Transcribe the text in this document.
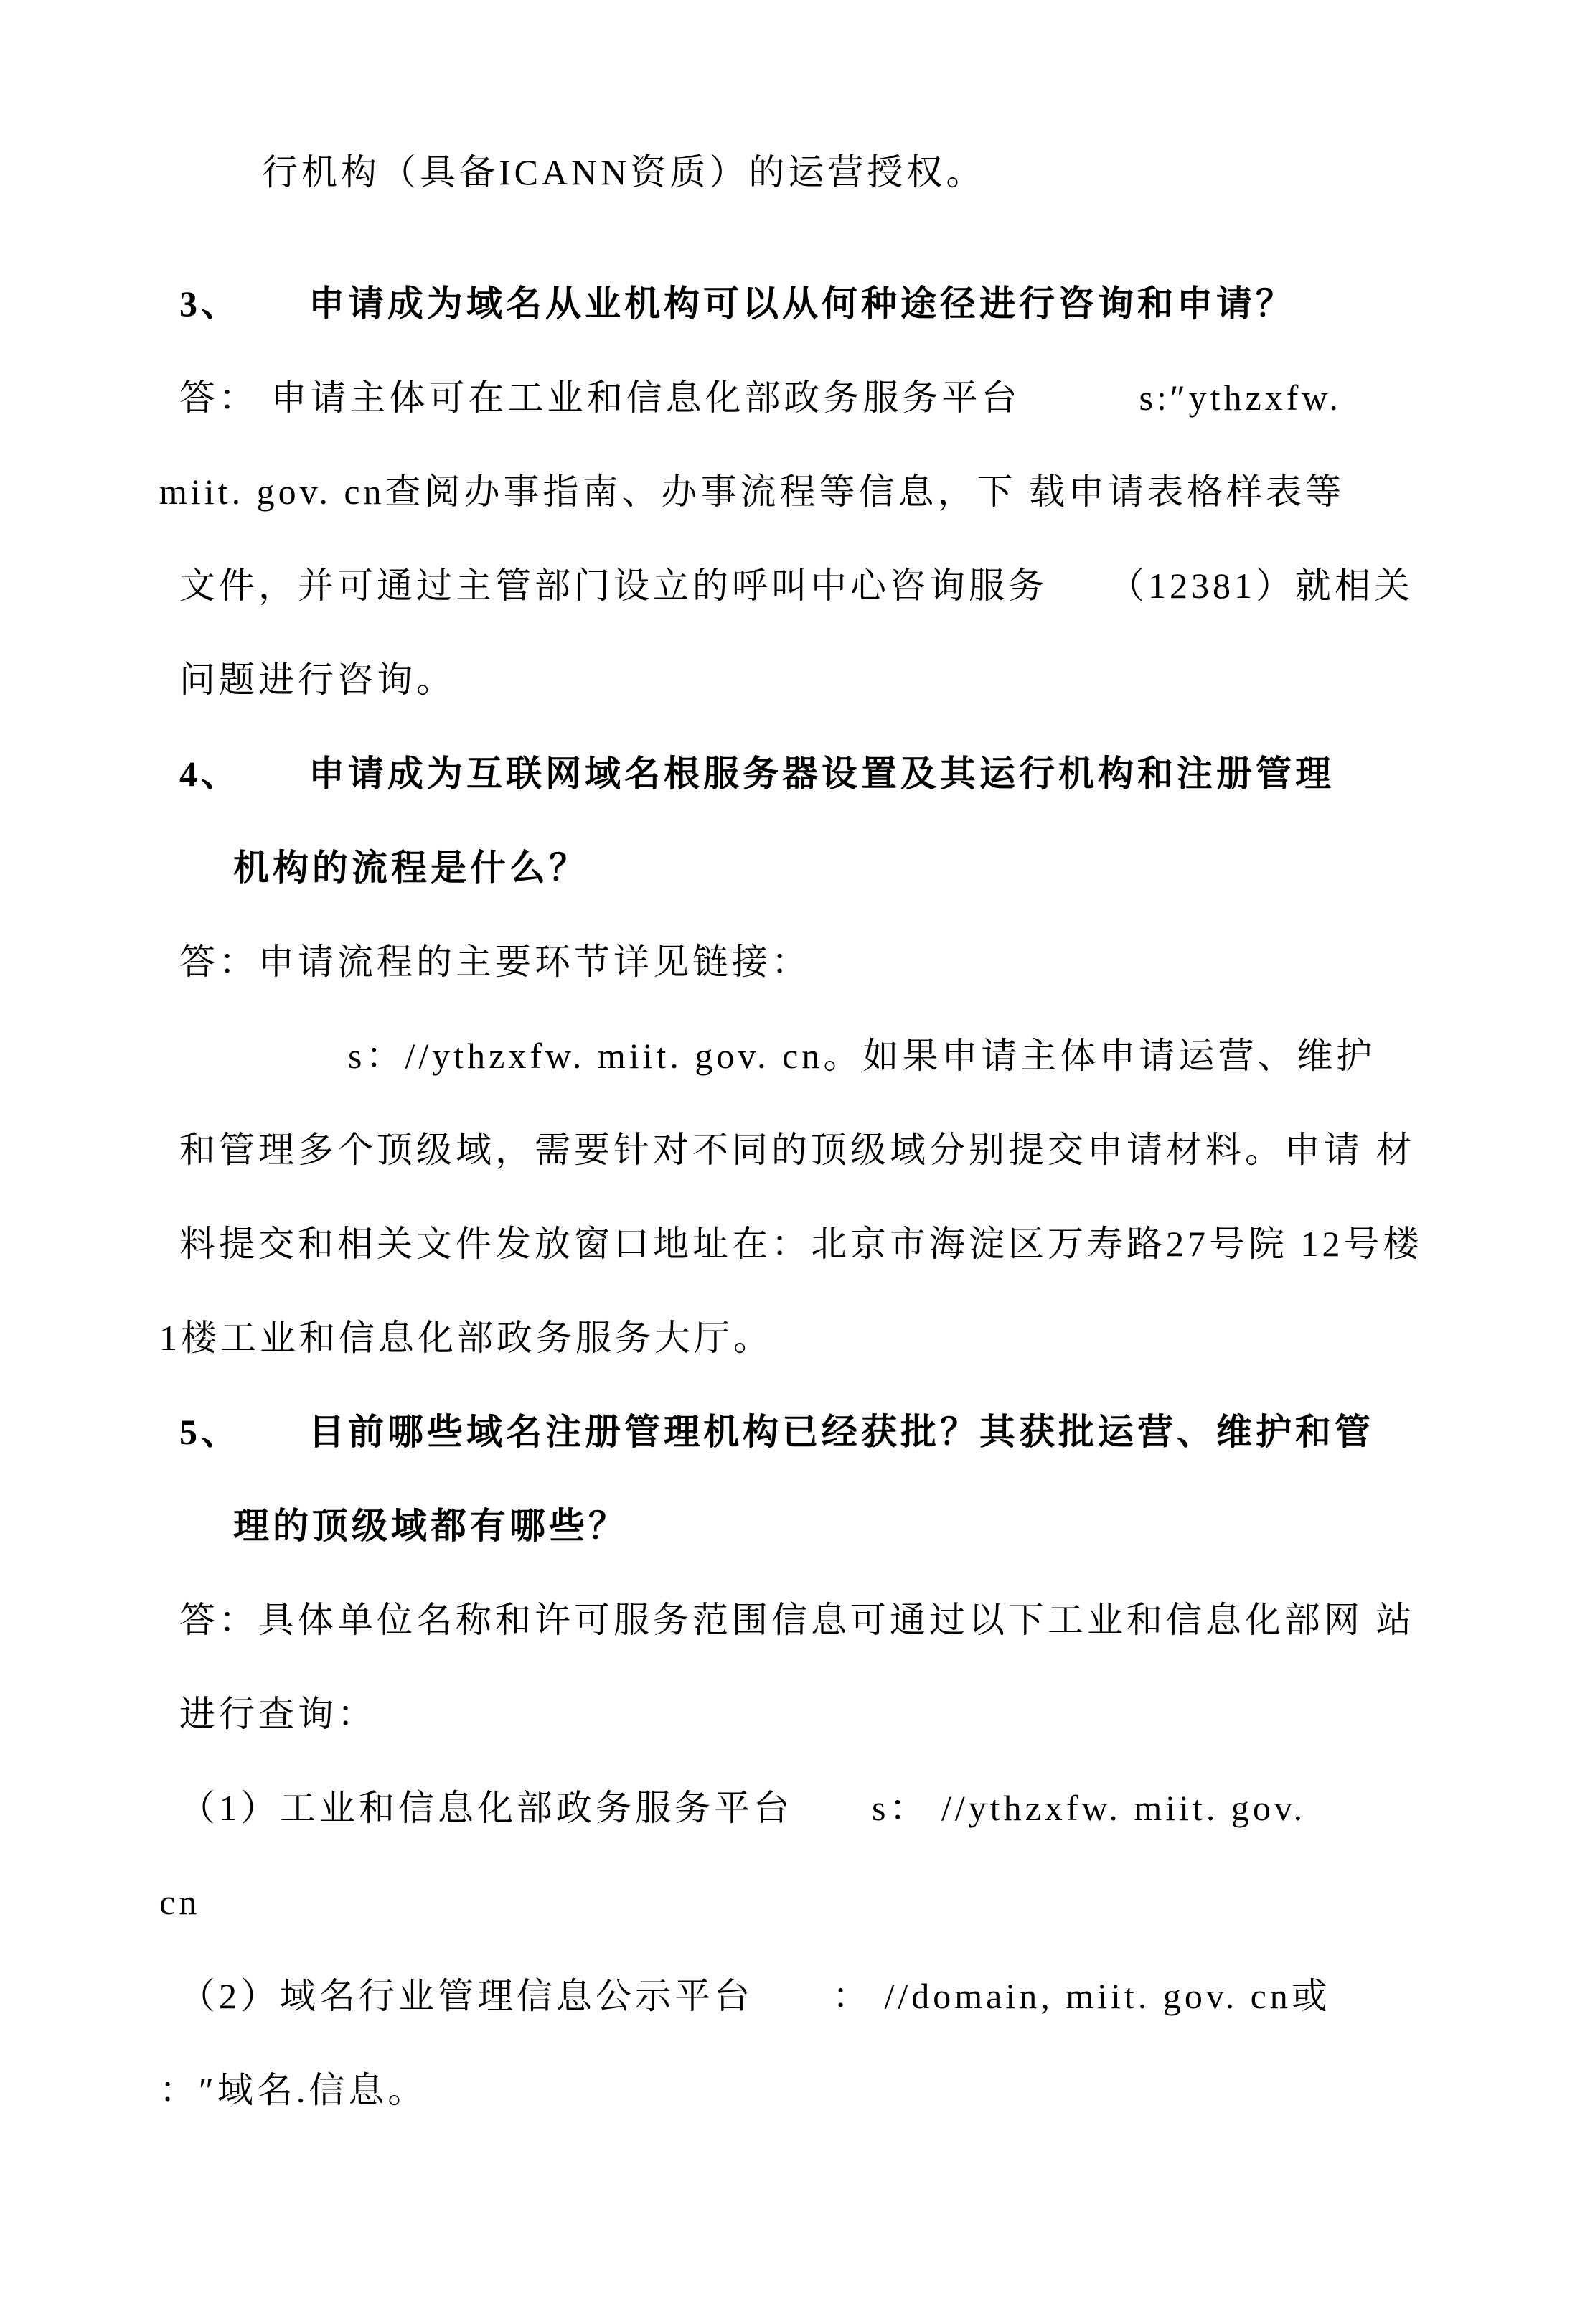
行机构（具备ICANN资质）的运营授权。
3、 申请成为域名从业机构可以从何种途径进行咨询和申请？
答： 申请主体可在工业和信息化部政务服务平台　　　s:″ythzxfw.
miit. gov. cn查阅办事指南、办事流程等信息，下 载申请表格样表等
文件，并可通过主管部门设立的呼叫中心咨询服务　　（12381）就相关
问题进行咨询。
4、 申请成为互联网域名根服务器设置及其运行机构和注册管理
机构的流程是什么？
答：申请流程的主要环节详见链接：
s：//ythzxfw. miit. gov. cn。如果申请主体申请运营、维护
和管理多个顶级域，需要针对不同的顶级域分别提交申请材料。申请 材
料提交和相关文件发放窗口地址在：北京市海淀区万寿路27号院 12号楼
1楼工业和信息化部政务服务大厅。
5、 目前哪些域名注册管理机构已经获批？其获批运营、维护和管
理的顶级域都有哪些？
答：具体单位名称和许可服务范围信息可通过以下工业和信息化部网 站
进行查询：
（1）工业和信息化部政务服务平台　　s： //ythzxfw. miit. gov.
cn
（2）域名行业管理信息公示平台　　： //domain, miit. gov. cn或
：″域名.信息。
